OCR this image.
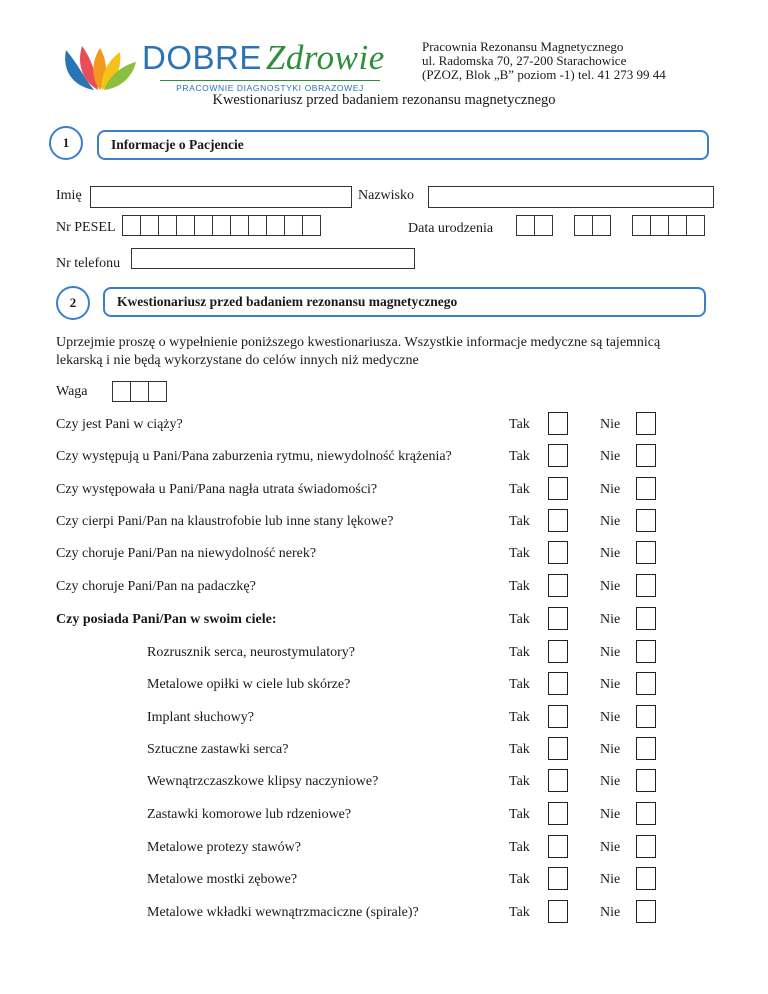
DOBRE Zdrowie
PRACOWNIE DIAGNOSTYKI OBRAZOWEJ
Pracownia Rezonansu Magnetycznego
ul. Radomska 70, 27-200 Starachowice
(PZOZ, Blok „B” poziom -1) tel. 41 273 99 44
Kwestionariusz przed badaniem rezonansu magnetycznego
1	Informacje o Pacjencie
Imię	Nazwisko
Nr PESEL	Data urodzenia
Nr telefonu
2	Kwestionariusz przed badaniem rezonansu magnetycznego
Uprzejmie proszę o wypełnienie poniższego kwestionariusza. Wszystkie informacje medyczne są tajemnicą lekarską i nie będą wykorzystane do celów innych niż medyczne
Waga
Czy jest Pani w ciąży?	Tak	Nie
Czy występują u Pani/Pana zaburzenia rytmu, niewydolność krążenia?	Tak	Nie
Czy występowała u Pani/Pana nagła utrata świadomości?	Tak	Nie
Czy cierpi Pani/Pan na klaustrofobie lub inne stany lękowe?	Tak	Nie
Czy choruje Pani/Pan na niewydolność nerek?	Tak	Nie
Czy choruje Pani/Pan na padaczkę?	Tak	Nie
Czy posiada Pani/Pan w swoim ciele:	Tak	Nie
Rozrusznik serca, neurostymulatory?	Tak	Nie
Metalowe opiłki w ciele lub skórze?	Tak	Nie
Implant słuchowy?	Tak	Nie
Sztuczne zastawki serca?	Tak	Nie
Wewnątrzczaszkowe klipsy naczyniowe?	Tak	Nie
Zastawki komorowe lub rdzeniowe?	Tak	Nie
Metalowe protezy stawów?	Tak	Nie
Metalowe mostki zębowe?	Tak	Nie
Metalowe wkładki wewnątrzmaciczne (spirale)?	Tak	Nie
